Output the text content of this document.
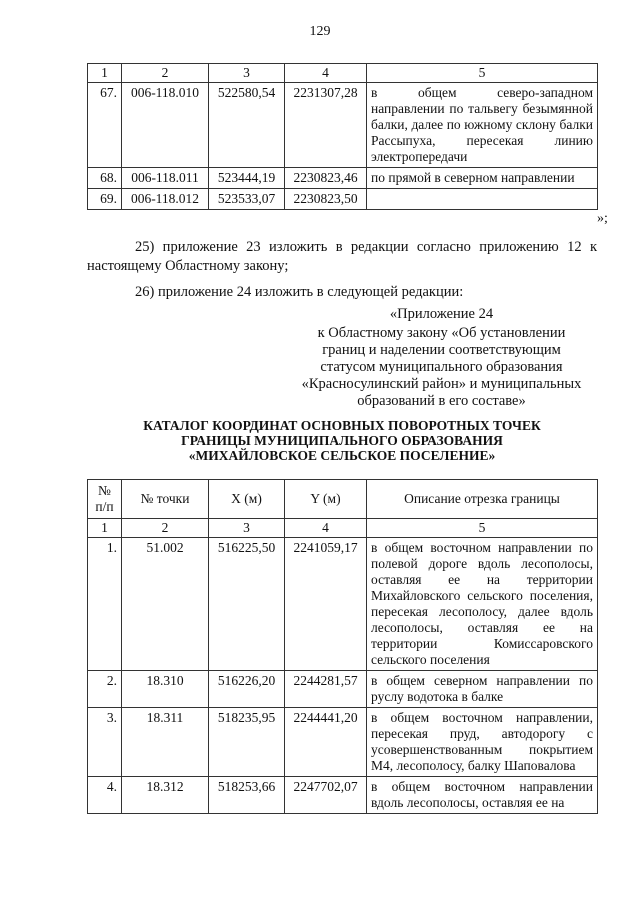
129
1	2	3	4	5
67.	006-118.010	522580,54	2231307,28	в общем северо-западном направлении по тальвегу безымянной балки, далее по южному склону балки Рассыпуха, пересекая линию электропередачи
68.	006-118.011	523444,19	2230823,46	по прямой в северном направлении
69.	006-118.012	523533,07	2230823,50	
»;
25) приложение 23 изложить в редакции согласно приложению 12 к настоящему Областному закону;
26) приложение 24 изложить в следующей редакции:
«Приложение 24
к Областному закону «Об установлении
границ и наделении соответствующим
статусом муниципального образования
«Красносулинский район» и муниципальных
образований в его составе»
КАТАЛОГ КООРДИНАТ ОСНОВНЫХ ПОВОРОТНЫХ ТОЧЕК
ГРАНИЦЫ МУНИЦИПАЛЬНОГО ОБРАЗОВАНИЯ
«МИХАЙЛОВСКОЕ СЕЛЬСКОЕ ПОСЕЛЕНИЕ»
№
п/п	№ точки	X (м)	Y (м)	Описание отрезка границы
1	2	3	4	5
1.	51.002	516225,50	2241059,17	в общем восточном направлении по полевой дороге вдоль лесополосы, оставляя ее на территории Михайловского сельского поселения, пересекая лесополосу, далее вдоль лесополосы, оставляя ее на территории Комиссаровского сельского поселения
2.	18.310	516226,20	2244281,57	в общем северном направлении по руслу водотока в балке
3.	18.311	518235,95	2244441,20	в общем восточном направлении, пересекая пруд, автодорогу с усовершенствованным покрытием М4, лесополосу, балку Шаповалова
4.	18.312	518253,66	2247702,07	в общем восточном направлении вдоль лесополосы, оставляя ее на
